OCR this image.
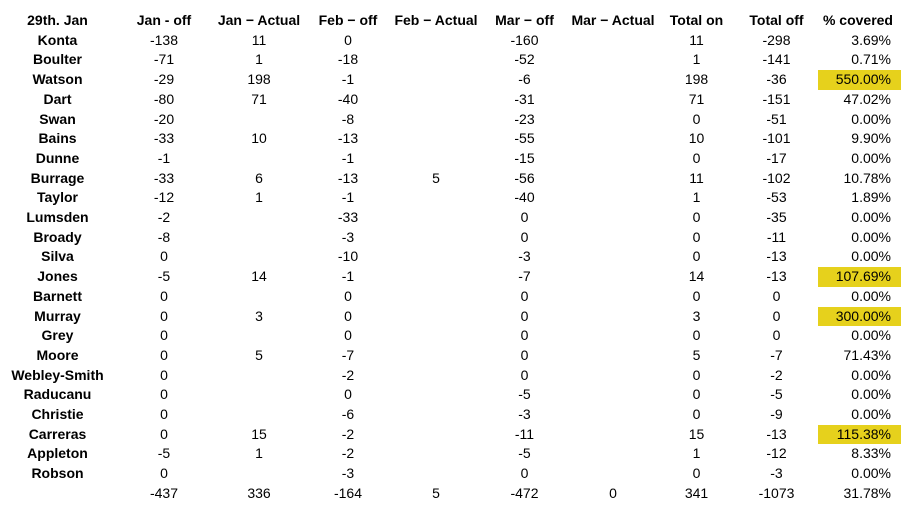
29th. Jan	Jan - off	Jan − Actual	Feb − off	Feb − Actual	Mar − off	Mar − Actual	Total on	Total off	% covered
Konta	-138	11	0		-160		11	-298	3.69%
Boulter	-71	1	-18		-52		1	-141	0.71%
Watson	-29	198	-1		-6		198	-36	550.00%
Dart	-80	71	-40		-31		71	-151	47.02%
Swan	-20		-8		-23		0	-51	0.00%
Bains	-33	10	-13		-55		10	-101	9.90%
Dunne	-1		-1		-15		0	-17	0.00%
Burrage	-33	6	-13	5	-56		11	-102	10.78%
Taylor	-12	1	-1		-40		1	-53	1.89%
Lumsden	-2		-33		0		0	-35	0.00%
Broady	-8		-3		0		0	-11	0.00%
Silva	0		-10		-3		0	-13	0.00%
Jones	-5	14	-1		-7		14	-13	107.69%
Barnett	0		0		0		0	0	0.00%
Murray	0	3	0		0		3	0	300.00%
Grey	0		0		0		0	0	0.00%
Moore	0	5	-7		0		5	-7	71.43%
Webley-Smith	0		-2		0		0	-2	0.00%
Raducanu	0		0		-5		0	-5	0.00%
Christie	0		-6		-3		0	-9	0.00%
Carreras	0	15	-2		-11		15	-13	115.38%
Appleton	-5	1	-2		-5		1	-12	8.33%
Robson	0		-3		0		0	-3	0.00%
	-437	336	-164	5	-472	0	341	-1073	31.78%
